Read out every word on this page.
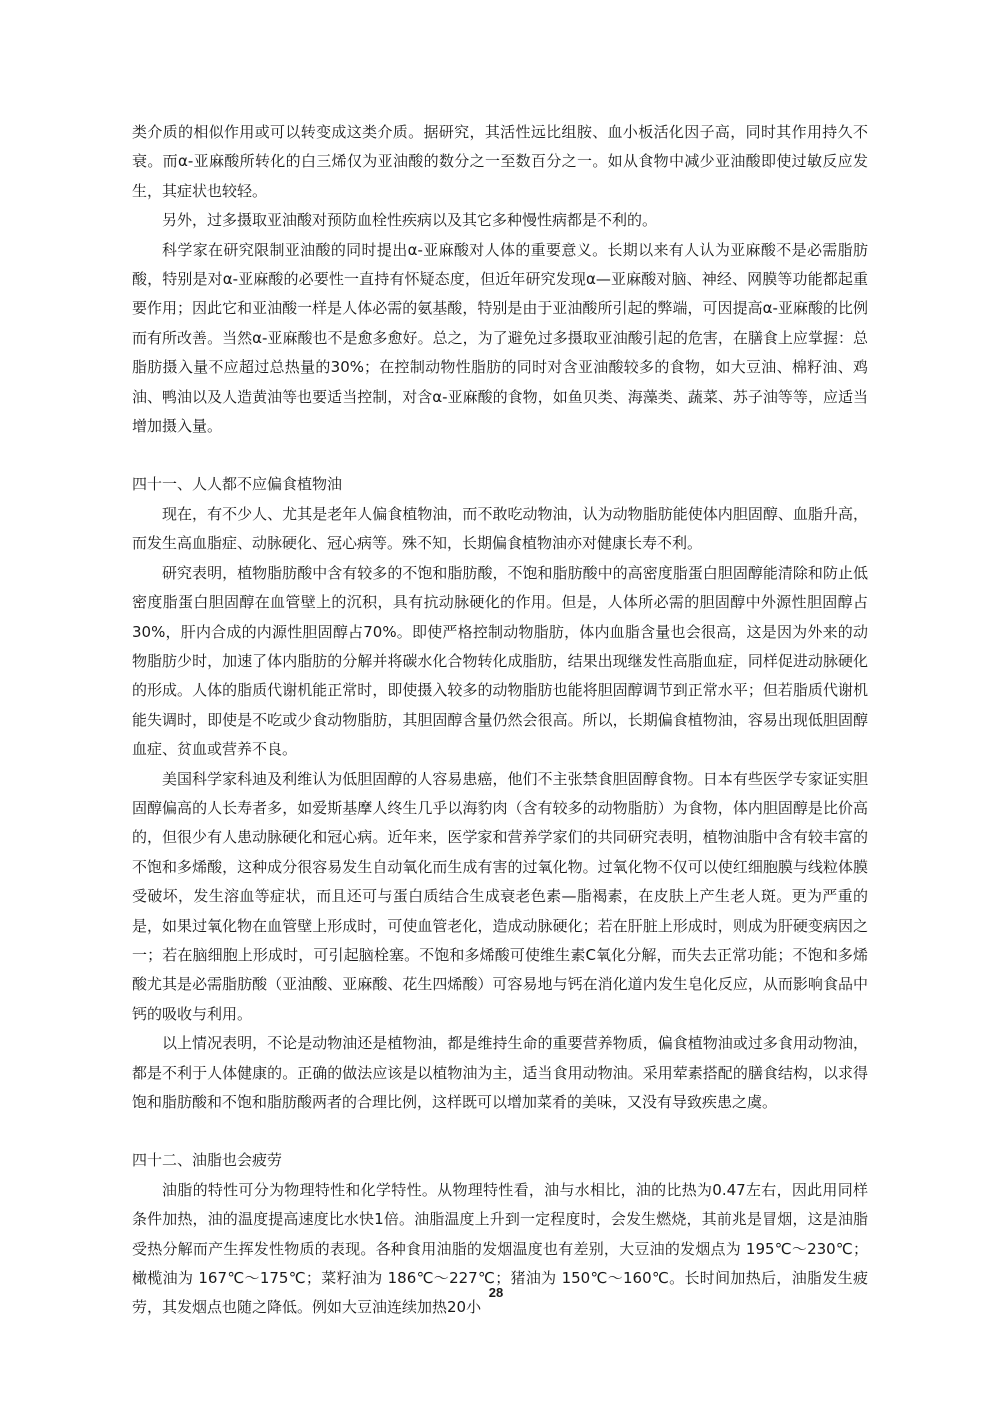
类介质的相似作用或可以转变成这类介质。据研究，其活性远比组胺、血小板活化因子高，同时其作用持久不衰。而α-亚麻酸所转化的白三烯仅为亚油酸的数分之一至数百分之一。如从食物中减少亚油酸即使过敏反应发生，其症状也较轻。

另外，过多摄取亚油酸对预防血栓性疾病以及其它多种慢性病都是不利的。

科学家在研究限制亚油酸的同时提出α-亚麻酸对人体的重要意义。长期以来有人认为亚麻酸不是必需脂肪酸，特别是对α-亚麻酸的必要性一直持有怀疑态度，但近年研究发现α—亚麻酸对脑、神经、网膜等功能都起重要作用；因此它和亚油酸一样是人体必需的氨基酸，特别是由于亚油酸所引起的弊端，可因提高α-亚麻酸的比例而有所改善。当然α-亚麻酸也不是愈多愈好。总之，为了避免过多摄取亚油酸引起的危害，在膳食上应掌握：总脂肪摄入量不应超过总热量的30%；在控制动物性脂肪的同时对含亚油酸较多的食物，如大豆油、棉籽油、鸡油、鸭油以及人造黄油等也要适当控制，对含α-亚麻酸的食物，如鱼贝类、海藻类、蔬菜、苏子油等等，应适当增加摄入量。

四十一、人人都不应偏食植物油

现在，有不少人、尤其是老年人偏食植物油，而不敢吃动物油，认为动物脂肪能使体内胆固醇、血脂升高，而发生高血脂症、动脉硬化、冠心病等。殊不知，长期偏食植物油亦对健康长寿不利。

研究表明，植物脂肪酸中含有较多的不饱和脂肪酸，不饱和脂肪酸中的高密度脂蛋白胆固醇能清除和防止低密度脂蛋白胆固醇在血管壁上的沉积，具有抗动脉硬化的作用。但是，人体所必需的胆固醇中外源性胆固醇占30%，肝内合成的内源性胆固醇占70%。即使严格控制动物脂肪，体内血脂含量也会很高，这是因为外来的动物脂肪少时，加速了体内脂肪的分解并将碳水化合物转化成脂肪，结果出现继发性高脂血症，同样促进动脉硬化的形成。人体的脂质代谢机能正常时，即使摄入较多的动物脂肪也能将胆固醇调节到正常水平；但若脂质代谢机能失调时，即使是不吃或少食动物脂肪，其胆固醇含量仍然会很高。所以，长期偏食植物油，容易出现低胆固醇血症、贫血或营养不良。

美国科学家科迪及利维认为低胆固醇的人容易患癌，他们不主张禁食胆固醇食物。日本有些医学专家证实胆固醇偏高的人长寿者多，如爱斯基摩人终生几乎以海豹肉（含有较多的动物脂肪）为食物，体内胆固醇是比价高的，但很少有人患动脉硬化和冠心病。近年来，医学家和营养学家们的共同研究表明，植物油脂中含有较丰富的不饱和多烯酸，这种成分很容易发生自动氧化而生成有害的过氧化物。过氧化物不仅可以使红细胞膜与线粒体膜受破坏，发生溶血等症状，而且还可与蛋白质结合生成衰老色素—脂褐素，在皮肤上产生老人斑。更为严重的是，如果过氧化物在血管壁上形成时，可使血管老化，造成动脉硬化；若在肝脏上形成时，则成为肝硬变病因之一；若在脑细胞上形成时，可引起脑栓塞。不饱和多烯酸可使维生素C氧化分解，而失去正常功能；不饱和多烯酸尤其是必需脂肪酸（亚油酸、亚麻酸、花生四烯酸）可容易地与钙在消化道内发生皂化反应，从而影响食品中钙的吸收与利用。

以上情况表明，不论是动物油还是植物油，都是维持生命的重要营养物质，偏食植物油或过多食用动物油，都是不利于人体健康的。正确的做法应该是以植物油为主，适当食用动物油。采用荤素搭配的膳食结构，以求得饱和脂肪酸和不饱和脂肪酸两者的合理比例，这样既可以增加菜肴的美味，又没有导致疾患之虞。

四十二、油脂也会疲劳

油脂的特性可分为物理特性和化学特性。从物理特性看，油与水相比，油的比热为0.47左右，因此用同样条件加热，油的温度提高速度比水快1倍。油脂温度上升到一定程度时，会发生燃烧，其前兆是冒烟，这是油脂受热分解而产生挥发性物质的表现。各种食用油脂的发烟温度也有差别，大豆油的发烟点为 195℃～230℃；橄榄油为 167℃～175℃；菜籽油为 186℃～227℃；猪油为 150℃～160℃。长时间加热后，油脂发生疲劳，其发烟点也随之降低。例如大豆油连续加热20小

28
